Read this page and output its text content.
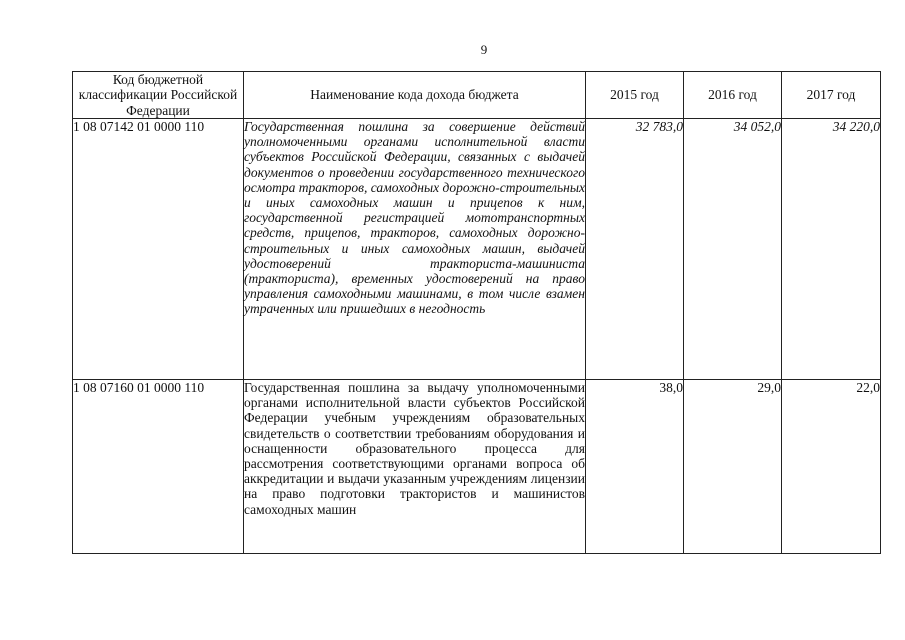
9
Код бюджетной классификации Российской Федерации	Наименование кода дохода бюджета	2015 год	2016 год	2017 год
1 08 07142 01 0000 110	Государственная пошлина за совершение действий уполномоченными органами исполнительной власти субъектов Российской Федерации, связанных с выдачей документов о проведении государственного технического осмотра тракторов, самоходных дорожно-строительных и иных самоходных машин и прицепов к ним, государственной регистрацией мототранспортных средств, прицепов, тракторов, самоходных дорожно-строительных и иных самоходных машин, выдачей удостоверений тракториста-машиниста (тракториста), временных удостоверений на право управления самоходными машинами, в том числе взамен утраченных или пришедших в негодность	32 783,0	34 052,0	34 220,0
1 08 07160 01 0000 110	Государственная пошлина за выдачу уполномоченными органами исполнительной власти субъектов Российской Федерации учебным учреждениям образовательных свидетельств о соответствии требованиям оборудования и оснащенности образовательного процесса для рассмотрения соответствующими органами вопроса об аккредитации и выдачи указанным учреждениям лицензии на право подготовки трактористов и машинистов самоходных машин	38,0	29,0	22,0
